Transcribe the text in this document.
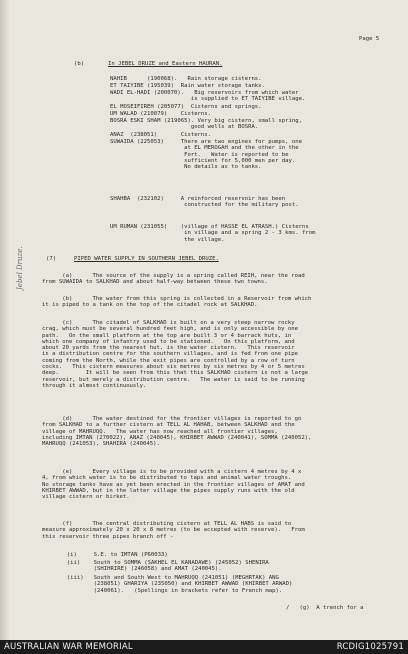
Page 5
(b)	In JEBEL DRUZE and Eastern HAURAN.
NAHIB      (190068).   Rain storage cisterns.
ET TAIYIBE (195039)  Rain water storage tanks.
WADI EL-HADI (200070).   Big reservoirs from which water
is supplied to ET TAIYIBE village.
EL MOSEIFIREH (205077)  Cisterns and springs.
UM WALAD (210079)    Cisterns.
BOSRA ESKI SHAM (219065). Very big cistern, small spring,
good wells at BOSRA.
ANAZ  (238051)       Cisterns.
SUWAIDA (225053)     There are two engines for pumps, one
at EL MEROGAH and the other in the
Fort.   Water is reported to be
sufficient for 5,000 men per day.
No details as to tanks.
SHAHBA  (232102)     A reinforced reservoir has been
constructed for the military post.
UM RUMAN (231055)    (village of HASSE EL ATRASH.) Cisterns
in village and a spring 2 - 3 kms. from
the village.
Jebel Druze.	(7)	PIPED WATER SUPPLY IN SOUTHERN JEBEL DRUZE.
(a)      The source of the supply is a spring called REIH, near the road
from SUWAIDA to SALKHAD and about half-way between these two towns.
(b)      The water from this spring is collected in a Reservoir from which
it is piped to a tank on the top of the citadel rock at SALKHAD.
(c)      The citadel of SALKHAD is built on a very steep narrow rocky
crag, which must be several hundred feet high, and is only accessible by one
path.   On the small platform at the top are built 3 or 4 barrack huts, in
which one company of infantry used to be stationed.   On this platform, and
about 20 yards from the nearest hut, is the water cistern.   This reservoir
is a distribution centre for the southern villages, and is fed from one pipe
coming from the North, while the exit pipes are controlled by a row of turn
cocks.   This cistern measures about six metres by six metres by 4 or 5 metres
deep.        It will be seen from this that this SALKHAD cistern is not a large
reservoir, but merely a distribution centre.   The water is said to be running
through it almost continuously.
(d)      The water destined for the frontier villages is reported to go
from SALKHAD to a further cistern at TELL AL HAHAB, between SALKHAD and the
village of MAHRUQQ.   The water has now reached all frontier villages,
including IMTAN (270022), ANAZ (240045), KHIRBET AWWAD (240041), SOMMA (240052),
MAHRUQQ (241053), SHAHIRA (240045).
(e)      Every village is to be provided with a cistern 4 metres by 4 x
4, from which water is to be distributed to taps and animal water troughs.
No storage tanks have as yet been erected in the frontier villages of AMAT and
KHIRBET AWWAD, but in the latter village the pipes supply runs with the old
village cistern or birket.
(f)      The central distributing cistern at TELL AL HABS is said to
measure approximately 20 x 20 x 8 metres (to be accepted with reserve).   From
this reservoir three pipes branch off -
(i)     S.E. to IMTAN (P60033)
(ii)    South to SOMMA (SAKHEL EL KANADAWE) (245052) SHENIRA
(SHIHRIRE) (246058) and AMAT (240045).
(iii)   South and South West to MAHRUQQ (241051) (MEGHRTAK) ANG
(238051) GHARIYA (235050) and KHIRBET AWWAD (KHIRBET ARWAD)
(240061).   (Spellings in brackets refer to French map).
/   (g)  A trench for a
AUSTRALIAN WAR MEMORIAL	RCDIG1025791
